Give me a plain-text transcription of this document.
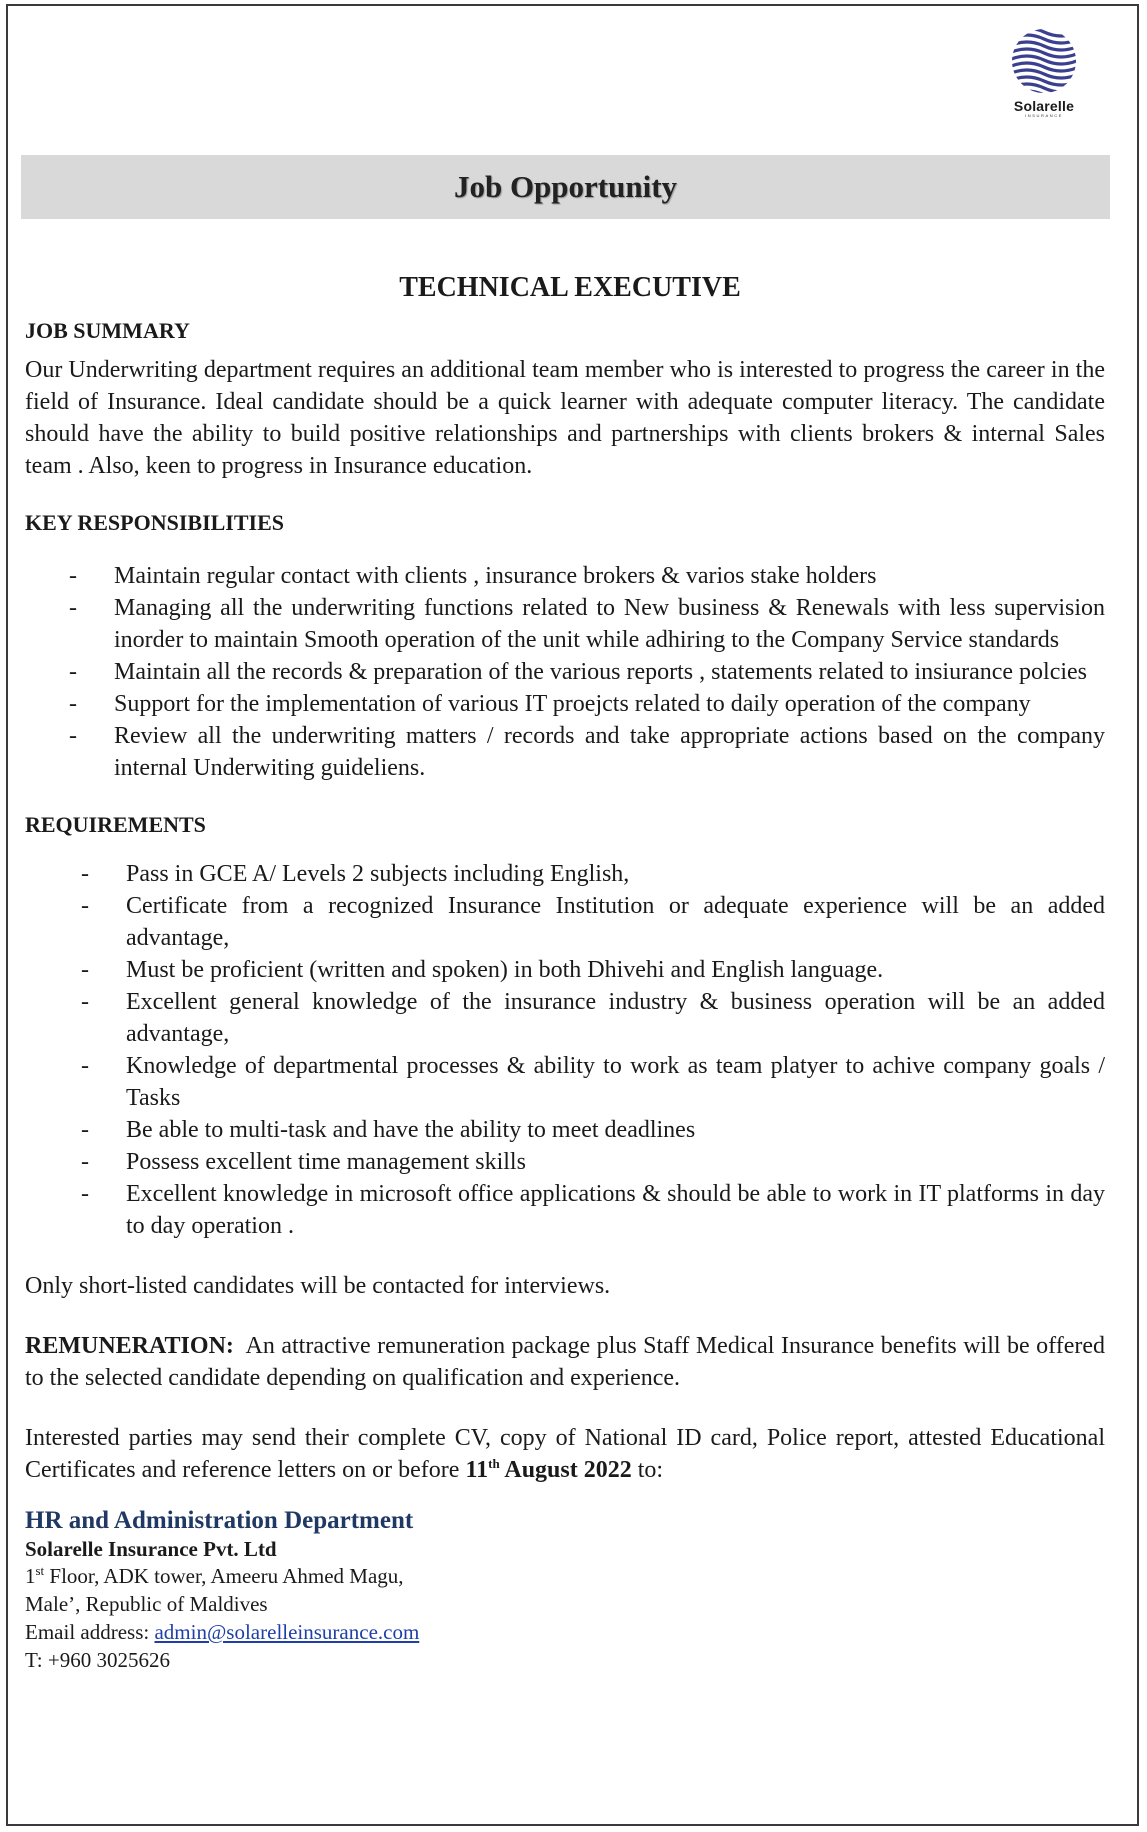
Solarelle
INSURANCE
Job Opportunity
TECHNICAL EXECUTIVE
JOB SUMMARY

Our Underwriting department requires an additional team member who is interested to progress the career in the field of Insurance. Ideal candidate should be a quick learner with adequate computer literacy. The candidate should have the ability to build positive relationships and partnerships with clients brokers & internal Sales team . Also, keen to progress in Insurance education.

KEY RESPONSIBILITIES
- Maintain regular contact with clients , insurance brokers & varios stake holders
- Managing all the underwriting functions related to New business & Renewals with less supervision inorder to maintain Smooth operation of the unit while adhiring to the Company Service standards
- Maintain all the records & preparation of the various reports , statements related to insiurance polcies
- Support for the implementation of various IT proejcts related to daily operation of the company
- Review all the underwriting matters / records and take appropriate actions based on the company internal Underwiting guideliens.
REQUIREMENTS
- Pass in GCE A/ Levels 2 subjects including English,
- Certificate from a recognized Insurance Institution or adequate experience will be an added advantage,
- Must be proficient (written and spoken) in both Dhivehi and English language.
- Excellent general knowledge of the insurance industry & business operation will be an added advantage,
- Knowledge of departmental processes & ability to work as team platyer to achive company goals / Tasks
- Be able to multi-task and have the ability to meet deadlines
- Possess excellent time management skills
- Excellent knowledge in microsoft office applications & should be able to work in IT platforms in day to day operation .

Only short-listed candidates will be contacted for interviews.

REMUNERATION: An attractive remuneration package plus Staff Medical Insurance benefits will be offered to the selected candidate depending on qualification and experience.

Interested parties may send their complete CV, copy of National ID card, Police report, attested Educational Certificates and reference letters on or before 11th August 2022 to:

HR and Administration Department
Solarelle Insurance Pvt. Ltd
1st Floor, ADK tower, Ameeru Ahmed Magu,
Male’, Republic of Maldives
Email address: admin@solarelleinsurance.com
T: +960 3025626
